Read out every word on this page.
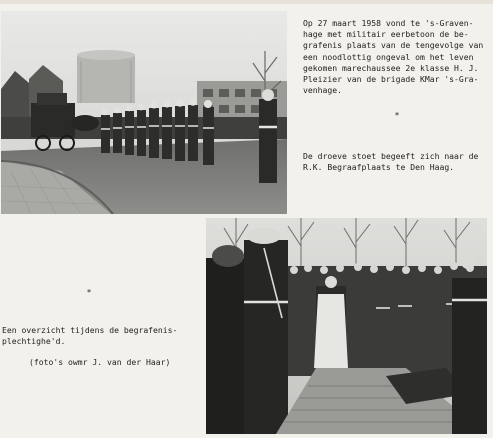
Op 27 maart 1958 vond te 's-Graven-
hage met militair eerbetoon de be-
grafenis plaats van de tengevolge van
een noodlottig ongeval om het leven
gekomen marechaussee 2e klasse H. J.
Pleizier van de brigade KMar 's-Gra-
venhage.
*
De droeve stoet begeeft zich naar de
R.K. Begraafplaats te Den Haag.
*
Een overzicht tijdens de begrafenis-
plechtighe'd.
(foto's owmr J. van der Haar)
